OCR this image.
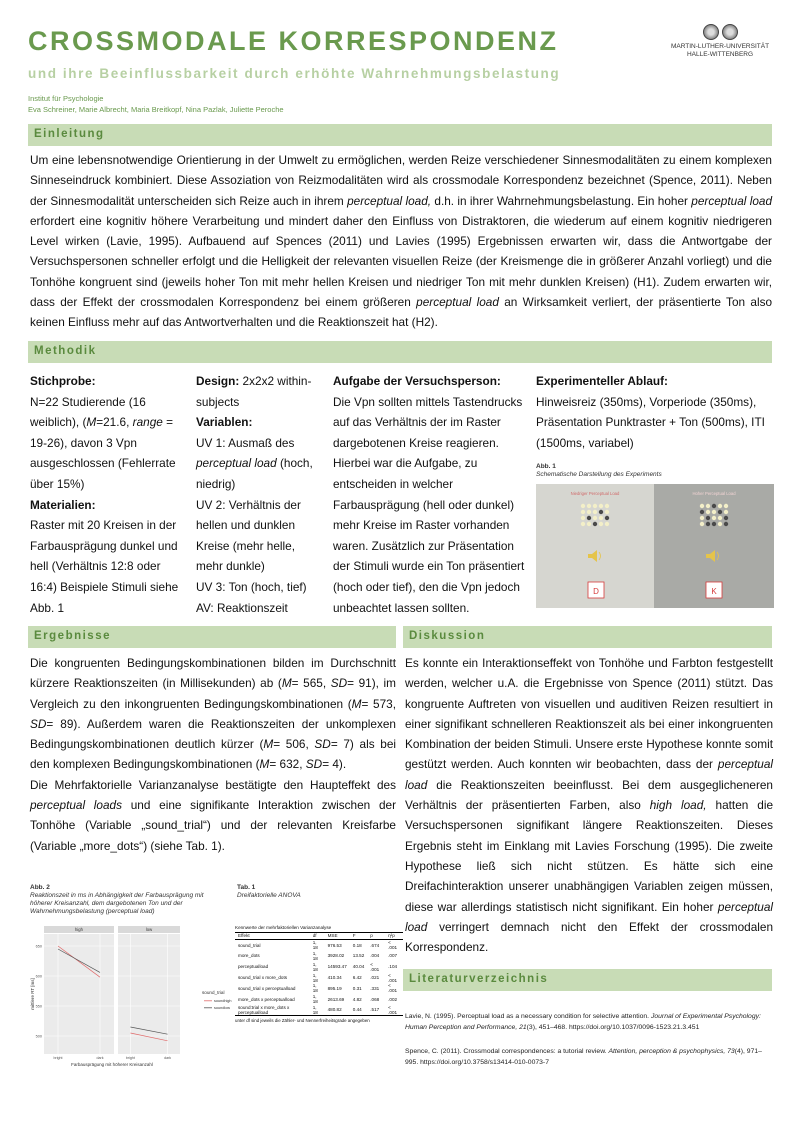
CROSSMODALE KORRESPONDENZ
und ihre Beeinflussbarkeit durch erhöhte Wahrnehmungsbelastung
Institut für Psychologie
Eva Schreiner, Marie Albrecht, Maria Breitkopf, Nina Pazlak, Juliette Peroche
MARTIN-LUTHER-UNIVERSITÄT
HALLE-WITTENBERG
Einleitung
Um eine lebensnotwendige Orientierung in der Umwelt zu ermöglichen, werden Reize verschiedener Sinnesmodalitäten zu einem komplexen Sinneseindruck kombiniert. Diese Assoziation von Reizmodalitäten wird als crossmodale Korrespondenz bezeichnet (Spence, 2011). Neben der Sinnesmodalität unterscheiden sich Reize auch in ihrem perceptual load, d.h. in ihrer Wahrnehmungsbelastung. Ein hoher perceptual load erfordert eine kognitiv höhere Verarbeitung und mindert daher den Einfluss von Distraktoren, die wiederum auf einem kognitiv niedrigeren Level wirken (Lavie, 1995). Aufbauend auf Spences (2011) und Lavies (1995) Ergebnissen erwarten wir, dass die Antwortgabe der Versuchspersonen schneller erfolgt und die Helligkeit der relevanten visuellen Reize (der Kreismenge die in größerer Anzahl vorliegt) und die Tonhöhe kongruent sind (jeweils hoher Ton mit mehr hellen Kreisen und niedriger Ton mit mehr dunklen Kreisen) (H1). Zudem erwarten wir, dass der Effekt der crossmodalen Korrespondenz bei einem größeren perceptual load an Wirksamkeit verliert, der präsentierte Ton also keinen Einfluss mehr auf das Antwortverhalten und die Reaktionszeit hat (H2).
Methodik
Stichprobe:
N=22 Studierende (16 weiblich), (M=21.6, range = 19-26), davon 3 Vpn ausgeschlossen (Fehlerrate über 15%)
Materialien:
Raster mit 20 Kreisen in der Farbausprägung dunkel und hell (Verhältnis 12:8 oder 16:4) Beispiele Stimuli siehe Abb. 1
Design: 2x2x2 within-subjects
Variablen:
UV 1: Ausmaß des perceptual load (hoch, niedrig)
UV 2: Verhältnis der hellen und dunklen Kreise (mehr helle, mehr dunkle)
UV 3: Ton (hoch, tief)
AV: Reaktionszeit
Aufgabe der Versuchsperson:
Die Vpn sollten mittels Tastendrucks auf das Verhältnis der im Raster dargebotenen Kreise reagieren. Hierbei war die Aufgabe, zu entscheiden in welcher Farbausprägung (hell oder dunkel) mehr Kreise im Raster vorhanden waren. Zusätzlich zur Präsentation der Stimuli wurde ein Ton präsentiert (hoch oder tief), den die Vpn jedoch unbeachtet lassen sollten.
Experimenteller Ablauf:
Hinweisreiz (350ms), Vorperiode (350ms), Präsentation Punktraster + Ton (500ms), ITI (1500ms, variabel)
Abb. 1
Schematische Darstellung des Experiments
Niedriger Perceptual Load	Hoher Perceptual Load
D	K
Ergebnisse
Die kongruenten Bedingungskombinationen bilden im Durchschnitt kürzere Reaktionszeiten (in Millisekunden) ab (M= 565, SD= 91), im Vergleich zu den inkongruenten Bedingungskombinationen (M= 573, SD= 89). Außerdem waren die Reaktionszeiten der unkomplexen Bedingungskombinationen deutlich kürzer (M= 506, SD= 7) als bei den komplexen Bedingungskombinationen (M= 632, SD= 4).
Die Mehrfaktorielle Varianzanalyse bestätigte den Haupteffekt des perceptual loads und eine signifikante Interaktion zwischen der Tonhöhe (Variable „sound_trial“) und der relevanten Kreisfarbe (Variable „more_dots“) (siehe Tab. 1).
Abb. 2
Reaktionszeit in ms in Abhängigkeit der Farbausprägung mit höherer Kreisanzahl, dem dargebotenen Ton und der Wahrnehmungsbelastung (perceptual load)
mittlere RT [ms]
500
550
600
650
high
bright	dark
low
bright	dark
Farbausprägung mit höherer Kreisanzahl
sound_trial
soundhigh
soundlow
Tab. 1
Dreifaktorielle ANOVA
Kennwerte der mehrfaktoriellen Varianzanalyse
Effekt	df	MSE	F	p	η²p
sound_trial	1, 18	976.53	0.18	.674	< .001
more_dots	1, 18	3928.02	13.52	.004	.007
perceptualload	1, 18	14593.47	40.04	< .001	.104
sound_trial x more_dots	1, 18	410.34	6.42	.021	< .001
sound_trial x perceptualload	1, 18	895.19	0.31	.331	< .001
more_dots x perceptualload	1, 18	2613.69	4.82	.068	.002
sound:trial x more_dots x perceptualload	1, 18	480.82	0.44	.517	< .001
unter df sind jeweils die Zähler- und Nennerfreiheitsgrade angegeben
Diskussion
Es konnte ein Interaktionseffekt von Tonhöhe und Farbton festgestellt werden, welcher u.A. die Ergebnisse von Spence (2011) stützt. Das kongruente Auftreten von visuellen und auditiven Reizen resultiert in einer signifikant schnelleren Reaktionszeit als bei einer inkongruenten Kombination der beiden Stimuli. Unsere erste Hypothese konnte somit gestützt werden. Auch konnten wir beobachten, dass der perceptual load die Reaktionszeiten beeinflusst. Bei dem ausgeglicheneren Verhältnis der präsentierten Farben, also high load, hatten die Versuchspersonen signifikant längere Reaktionszeiten. Dieses Ergebnis steht im Einklang mit Lavies Forschung (1995). Die zweite Hypothese ließ sich nicht stützen. Es hätte sich eine Dreifachinteraktion unserer unabhängigen Variablen zeigen müssen, diese war allerdings statistisch nicht signifikant. Ein hoher perceptual load verringert demnach nicht den Effekt der crossmodalen Korrespondenz.
Literaturverzeichnis
Lavie, N. (1995). Perceptual load as a necessary condition for selective attention. Journal of Experimental Psychology: Human Perception and Performance, 21(3), 451–468. https://doi.org/10.1037/0096-1523.21.3.451
Spence, C. (2011). Crossmodal correspondences: a tutorial review. Attention, perception & psychophysics, 73(4), 971–995. https://doi.org/10.3758/s13414-010-0073-7
